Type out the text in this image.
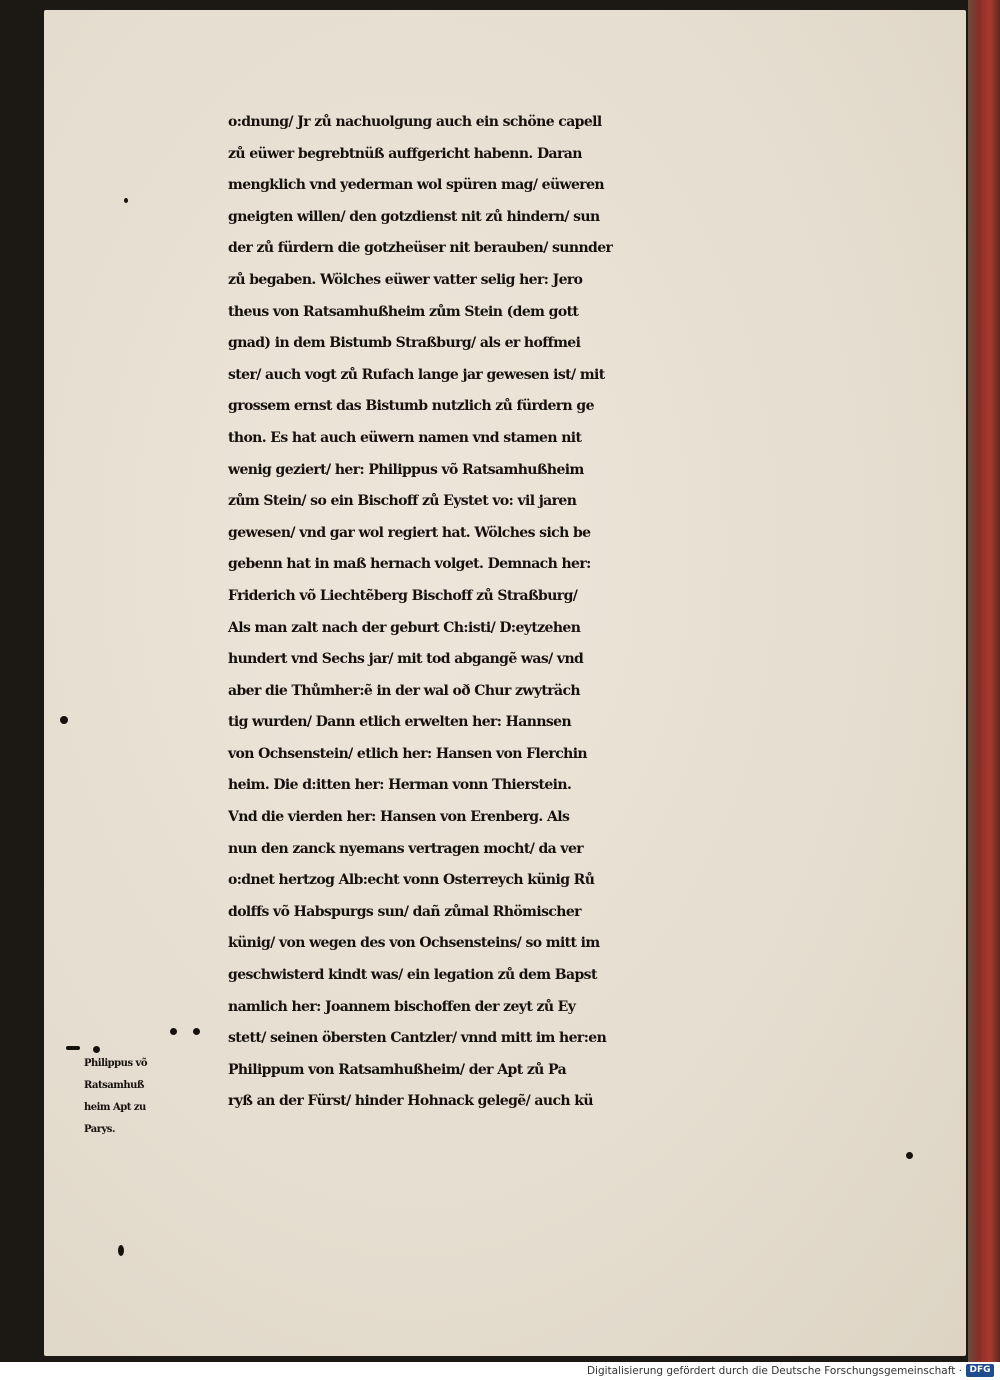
o:dnung/ Jr zů nachuolgung auch ein schöne capell
zů eüwer begrebtnüß auffgericht habenn. Daran
mengklich vnd yederman wol spüren mag/ eüweren
gneigten willen/ den gotzdienst nit zů hindern/ sun
der zů fürdern die gotzheüser nit berauben/ sunnder
zů begaben. Wölches eüwer vatter selig her: Jero
theus von Ratsamhußheim zům Stein (dem gott
gnad) in dem Bistumb Straßburg/ als er hoffmei
ster/ auch vogt zů Rufach lange jar gewesen ist/ mit
grossem ernst das Bistumb nutzlich zů fürdern ge
thon. Es hat auch eüwern namen vnd stamen nit
wenig geziert/ her: Philippus võ Ratsamhußheim
zům Stein/ so ein Bischoff zů Eystet vo: vil jaren
gewesen/ vnd gar wol regiert hat. Wölches sich be
gebenn hat in maß hernach volget. Demnach her:
Friderich võ Liechtẽberg Bischoff zů Straßburg/
Als man zalt nach der geburt Ch:isti/ D:eytzehen
hundert vnd Sechs jar/ mit tod abgangẽ was/ vnd
aber die Thůmher:ẽ in der wal oð Chur zwyträch
tig wurden/ Dann etlich erwelten her: Hannsen
von Ochsenstein/ etlich her: Hansen von Flerchin
heim. Die d:itten her: Herman vonn Thierstein.
Vnd die vierden her: Hansen von Erenberg. Als
nun den zanck nyemans vertragen mocht/ da ver
o:dnet hertzog Alb:echt vonn Osterreych künig Rů
dolffs võ Habspurgs sun/ dañ zůmal Rhömischer
künig/ von wegen des von Ochsensteins/ so mitt im
geschwisterd kindt was/ ein legation zů dem Bapst
namlich her: Joannem bischoffen der zeyt zů Ey
stett/ seinen öbersten Cantzler/ vnnd mitt im her:en
Philippum von Ratsamhußheim/ der Apt zů Pa
ryß an der Fürst/ hinder Hohnack gelegẽ/ auch kü
Philippus võ
Ratsamhuß
heim Apt zu
Parys.
Digitalisierung gefördert durch die Deutsche Forschungsgemeinschaft · DFG
